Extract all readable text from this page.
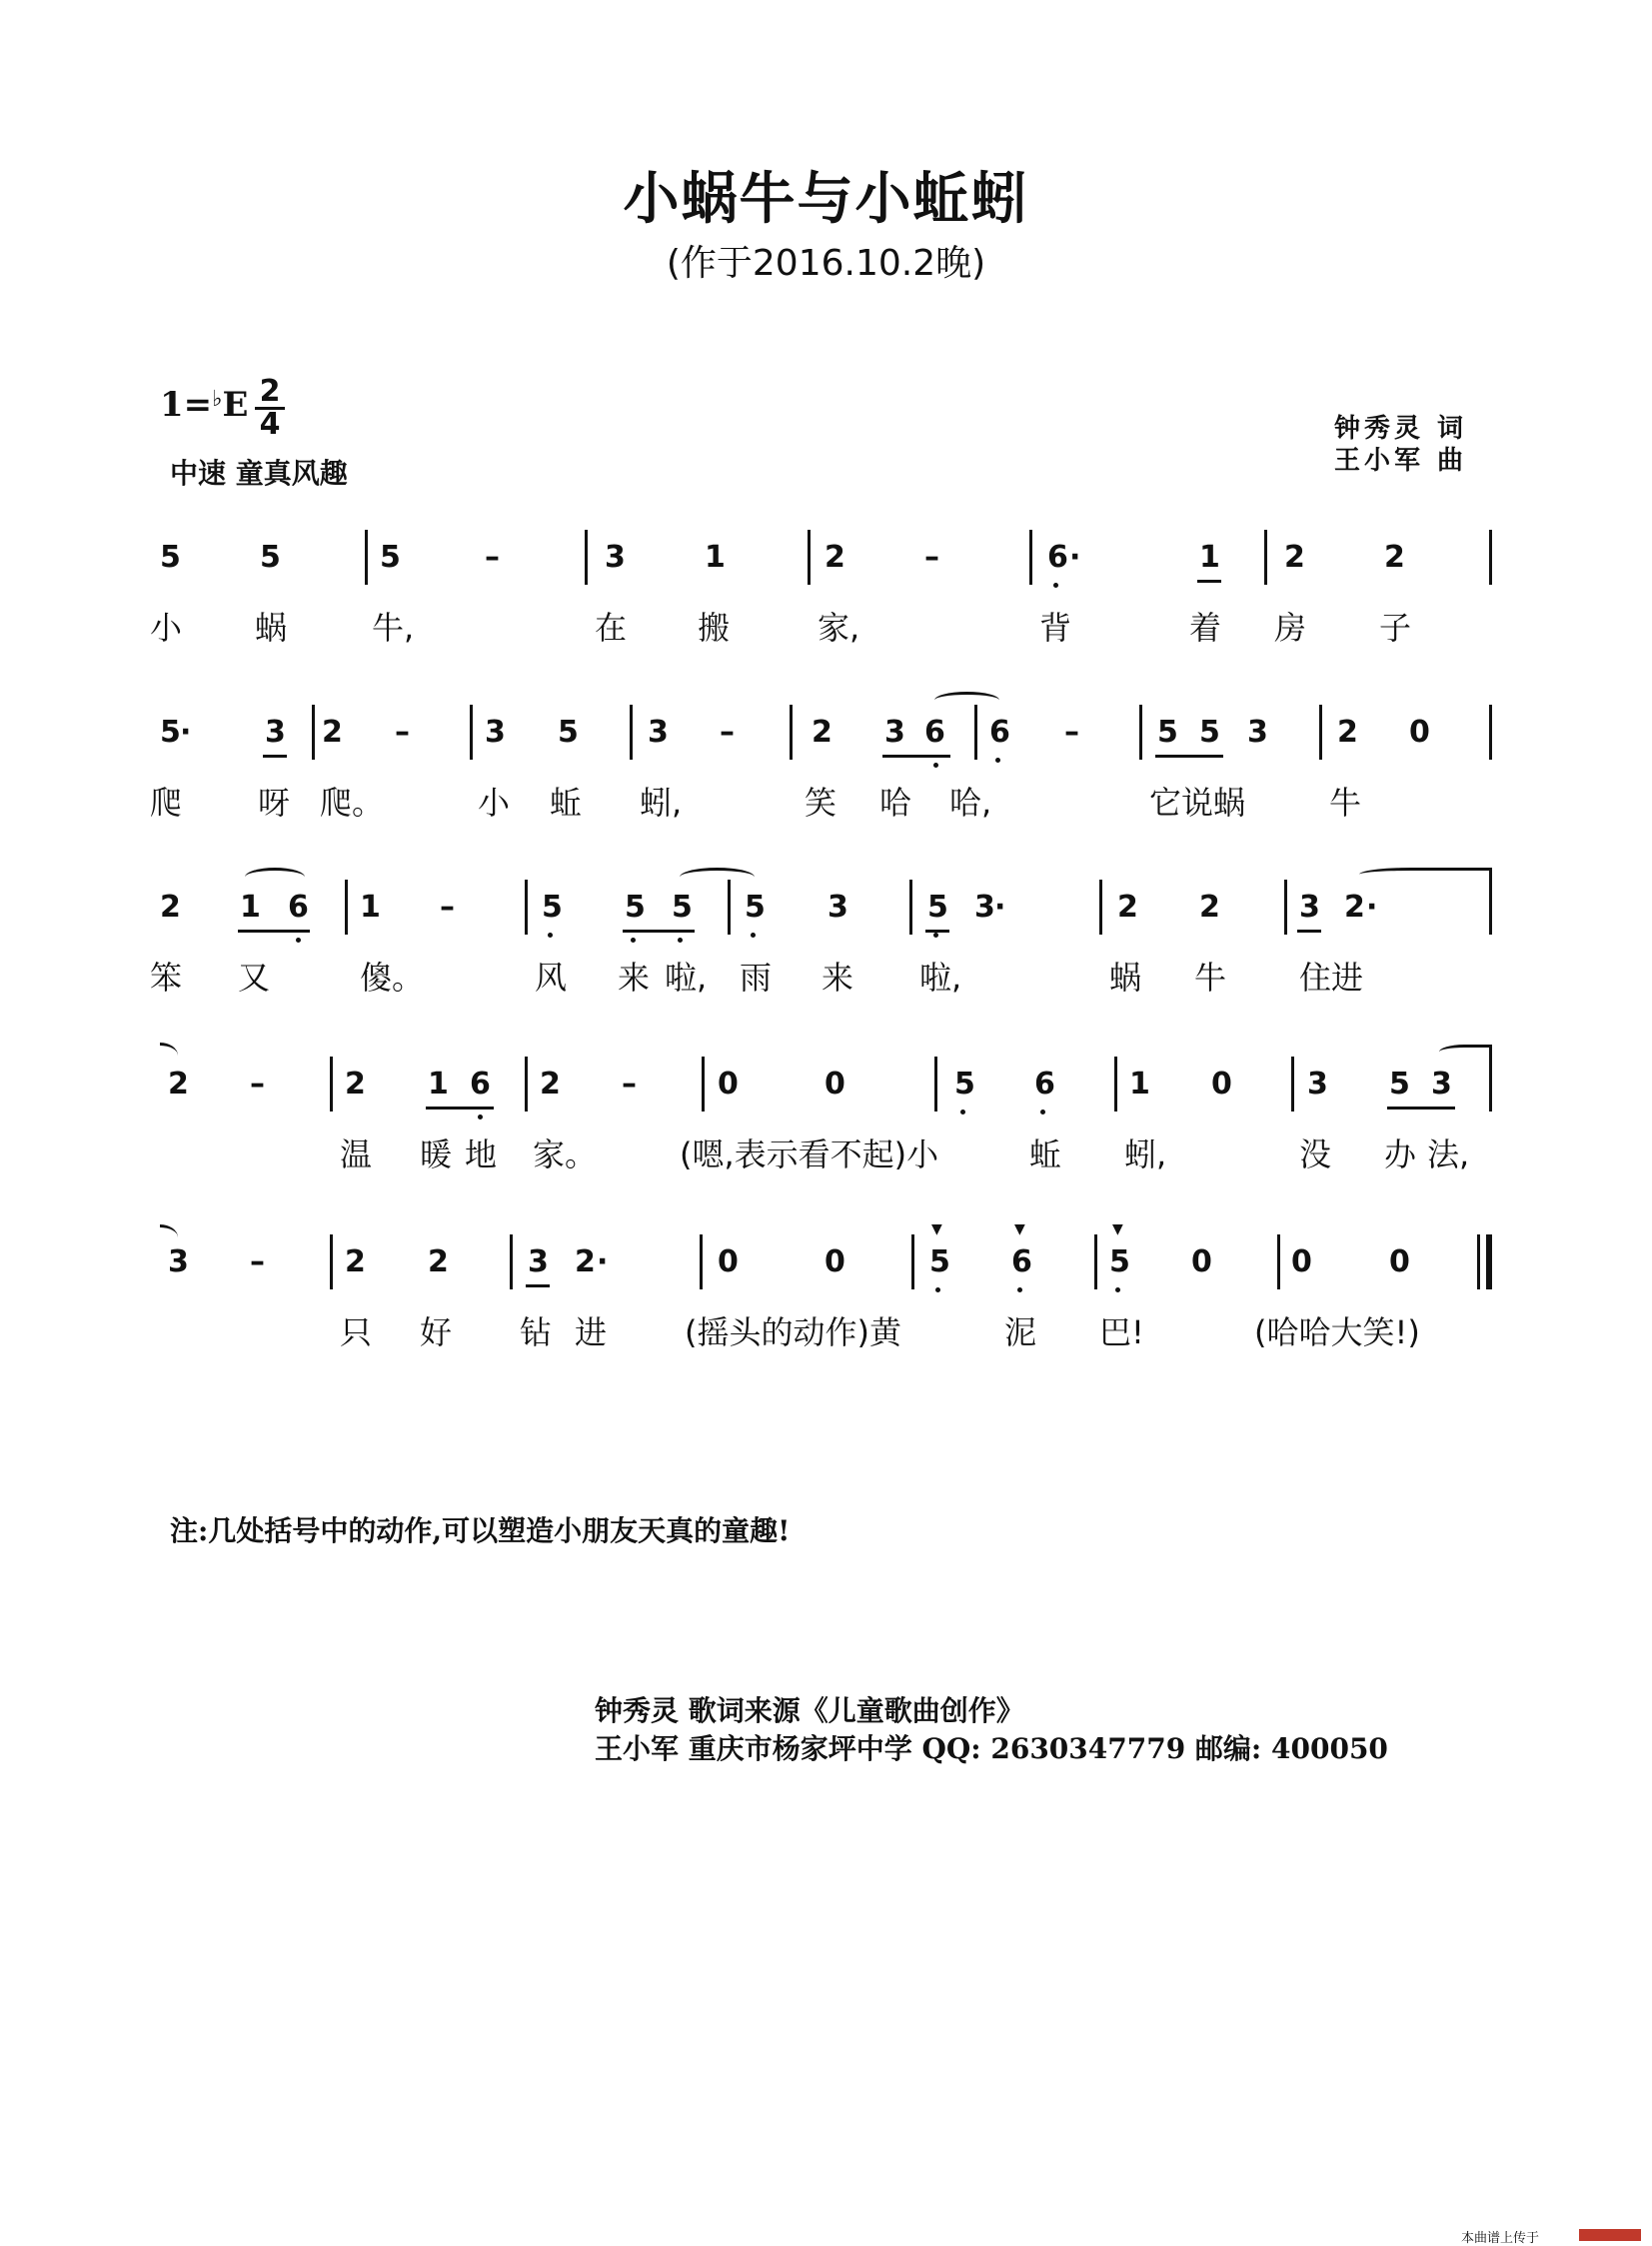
小蜗牛与小蚯蚓
(作于2016.10.2晚)
1=♭E 2
4
中速 童真风趣
钟秀灵 词
王小军 曲
5	5	5	–	3	1	2	–	6 ·	1 2	2
小 蜗	牛,	在 搬	家,	背	着 房 子
5 · 3 2 –	3 5 3 –	2 3 6 6 –	5 5 3 2 0
爬 呀 爬。	小 蚯 蚓,	笑 哈 哈,	它说蜗	牛
2 1 6 1 –	5 5 5 5 3	5 3 ·	2 2	3 2 ·
笨 又	傻。	风 来 啦, 雨 来 啦,	蜗 牛 住进
2 –	2 1 6 2 –	0	0	5 6 1 0	3 5 3
温 暖 地 家。	(嗯,表示看不起)小	蚯 蚓,	没 办 法,
3 –	2 2	3 2 ·	0	0
▼
5
▼
6
▼
5 0	0	0
只 好 钻 进 (摇头的动作)黄	泥 巴!	(哈哈大笑!)
注:几处括号中的动作,可以塑造小朋友天真的童趣!
钟秀灵 歌词来源《儿童歌曲创作》
王小军 重庆市杨家坪中学 QQ: 2630347779 邮编: 400050
本曲谱上传于
